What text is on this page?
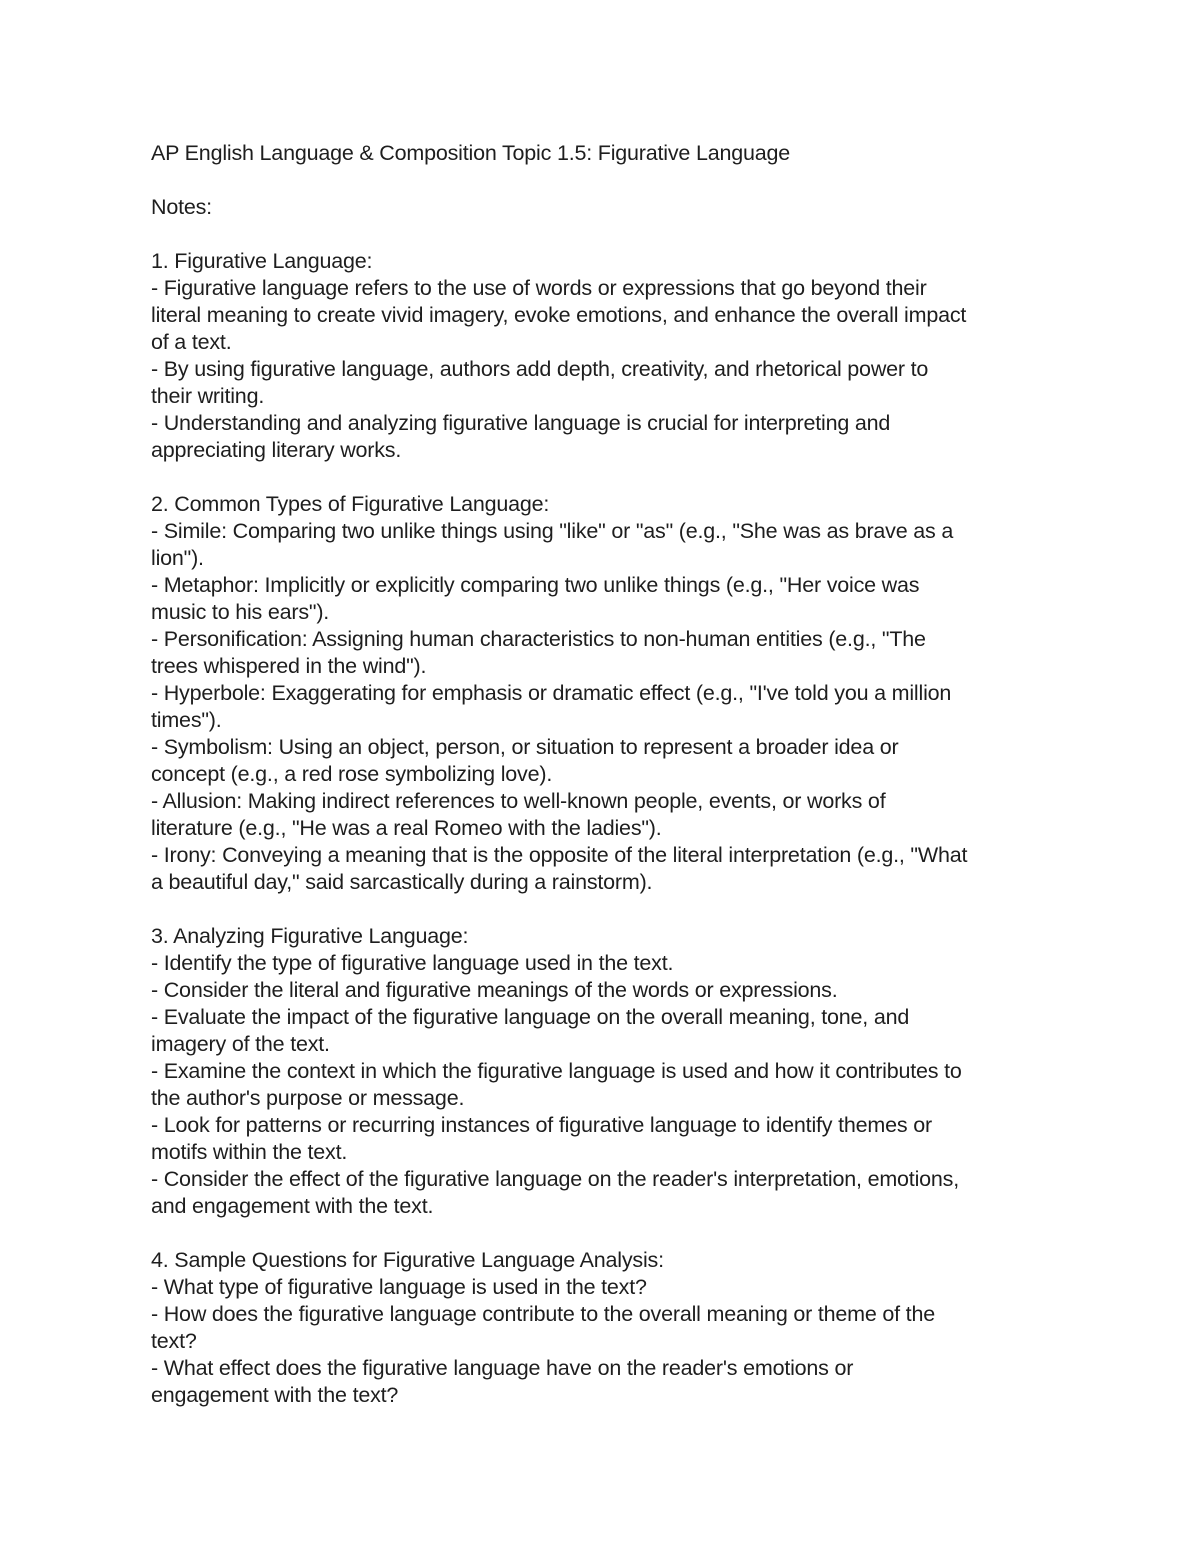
AP English Language & Composition Topic 1.5: Figurative Language
Notes:
1. Figurative Language:
- Figurative language refers to the use of words or expressions that go beyond their
literal meaning to create vivid imagery, evoke emotions, and enhance the overall impact
of a text.
- By using figurative language, authors add depth, creativity, and rhetorical power to
their writing.
- Understanding and analyzing figurative language is crucial for interpreting and
appreciating literary works.
2. Common Types of Figurative Language:
- Simile: Comparing two unlike things using "like" or "as" (e.g., "She was as brave as a
lion").
- Metaphor: Implicitly or explicitly comparing two unlike things (e.g., "Her voice was
music to his ears").
- Personification: Assigning human characteristics to non-human entities (e.g., "The
trees whispered in the wind").
- Hyperbole: Exaggerating for emphasis or dramatic effect (e.g., "I've told you a million
times").
- Symbolism: Using an object, person, or situation to represent a broader idea or
concept (e.g., a red rose symbolizing love).
- Allusion: Making indirect references to well-known people, events, or works of
literature (e.g., "He was a real Romeo with the ladies").
- Irony: Conveying a meaning that is the opposite of the literal interpretation (e.g., "What
a beautiful day," said sarcastically during a rainstorm).
3. Analyzing Figurative Language:
- Identify the type of figurative language used in the text.
- Consider the literal and figurative meanings of the words or expressions.
- Evaluate the impact of the figurative language on the overall meaning, tone, and
imagery of the text.
- Examine the context in which the figurative language is used and how it contributes to
the author's purpose or message.
- Look for patterns or recurring instances of figurative language to identify themes or
motifs within the text.
- Consider the effect of the figurative language on the reader's interpretation, emotions,
and engagement with the text.
4. Sample Questions for Figurative Language Analysis:
- What type of figurative language is used in the text?
- How does the figurative language contribute to the overall meaning or theme of the
text?
- What effect does the figurative language have on the reader's emotions or
engagement with the text?
